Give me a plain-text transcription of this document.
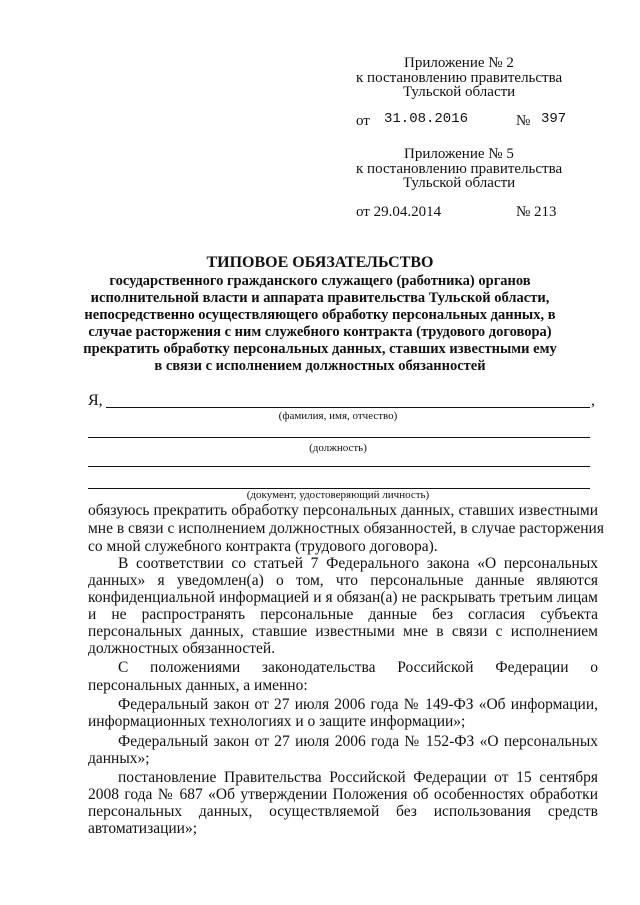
Приложение № 2
к постановлению правительства
Тульской области
от 31.08.2016	№ 397
Приложение № 5
к постановлению правительства
Тульской области
от 29.04.2014	№ 213
ТИПОВОЕ ОБЯЗАТЕЛЬСТВО
государственного гражданского служащего (работника) органов
исполнительной власти и аппарата правительства Тульской области,
непосредственно осуществляющего обработку персональных данных, в
случае расторжения с ним служебного контракта (трудового договора)
прекратить обработку персональных данных, ставших известными ему
в связи с исполнением должностных обязанностей
Я,	,
(фамилия, имя, отчество)
(должность)
(документ, удостоверяющий личность)
обязуюсь прекратить обработку персональных данных, ставших известными
мне в связи с исполнением должностных обязанностей, в случае расторжения
со мной служебного контракта (трудового договора).
В соответствии со статьей 7 Федерального закона «О персональных
данных» я уведомлен(а) о том, что персональные данные являются
конфиденциальной информацией и я обязан(а) не раскрывать третьим лицам
и не распространять персональные данные без согласия субъекта
персональных данных, ставшие известными мне в связи с исполнением
должностных обязанностей.
С положениями законодательства Российской Федерации о
персональных данных, а именно:
Федеральный закон от 27 июля 2006 года № 149-ФЗ «Об информации,
информационных технологиях и о защите информации»;
Федеральный закон от 27 июля 2006 года № 152-ФЗ «О персональных
данных»;
постановление Правительства Российской Федерации от 15 сентября
2008 года № 687 «Об утверждении Положения об особенностях обработки
персональных данных, осуществляемой без использования средств
автоматизации»;
